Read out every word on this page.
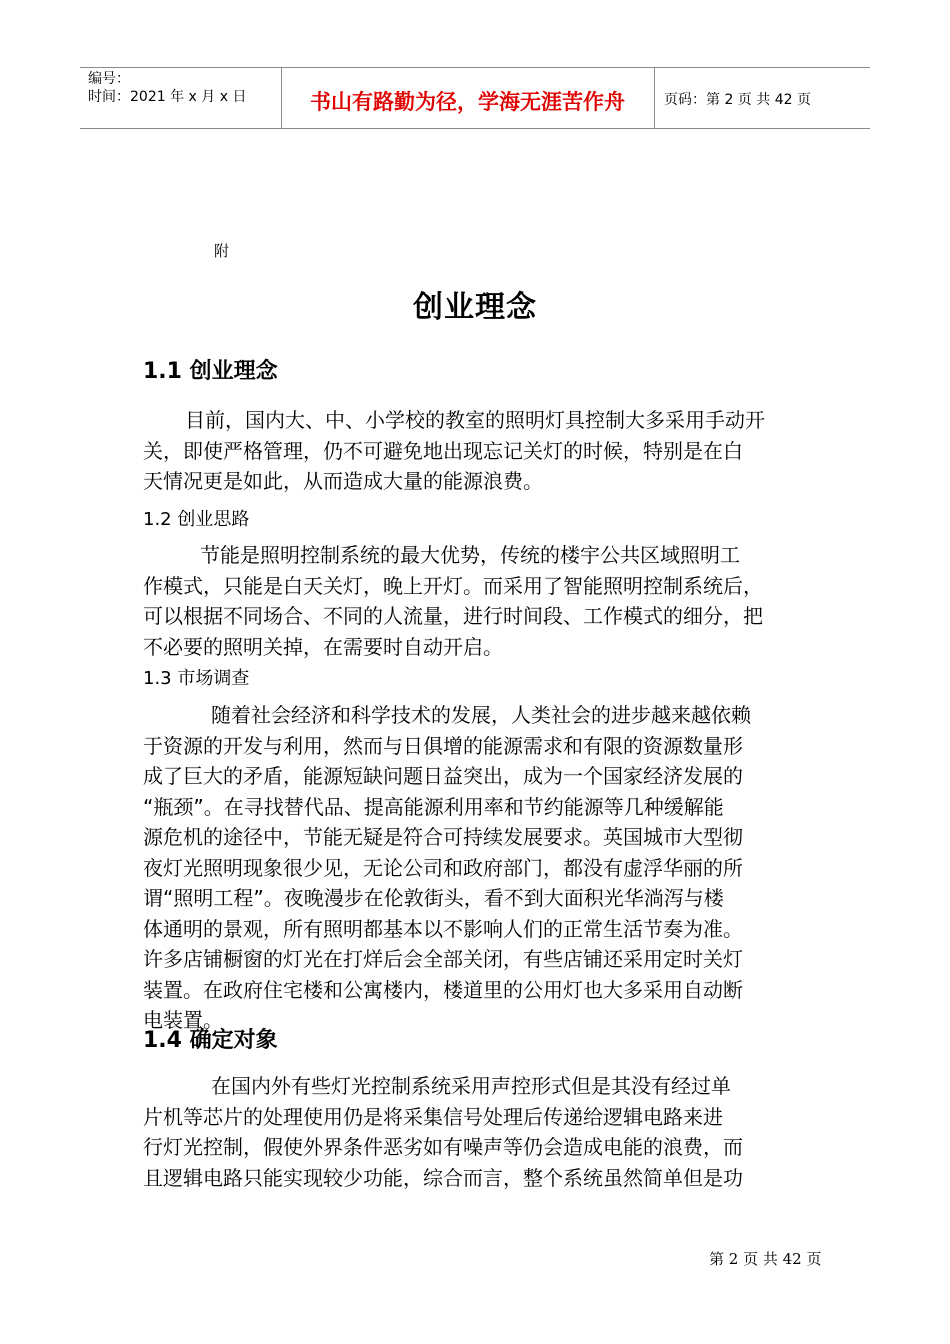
编号：
时间：2021 年 x 月 x 日	书山有路勤为径，学海无涯苦作舟	页码：第 2 页 共 42 页
附
创业理念
1.1 创业理念

目前，国内大、中、小学校的教室的照明灯具控制大多采用手动开
关，即使严格管理，仍不可避免地出现忘记关灯的时候，特别是在白
天情况更是如此，从而造成大量的能源浪费。

1.2 创业思路

节能是照明控制系统的最大优势，传统的楼宇公共区域照明工
作模式，只能是白天关灯，晚上开灯。而采用了智能照明控制系统后，
可以根据不同场合、不同的人流量，进行时间段、工作模式的细分，把
不必要的照明关掉，在需要时自动开启。

1.3 市场调查

随着社会经济和科学技术的发展，人类社会的进步越来越依赖
于资源的开发与利用，然而与日俱增的能源需求和有限的资源数量形
成了巨大的矛盾，能源短缺问题日益突出，成为一个国家经济发展的
“瓶颈”。在寻找替代品、提高能源利用率和节约能源等几种缓解能
源危机的途径中，节能无疑是符合可持续发展要求。英国城市大型彻
夜灯光照明现象很少见，无论公司和政府部门，都没有虚浮华丽的所
谓“照明工程”。夜晚漫步在伦敦街头，看不到大面积光华淌泻与楼
体通明的景观，所有照明都基本以不影响人们的正常生活节奏为准。
许多店铺橱窗的灯光在打烊后会全部关闭，有些店铺还采用定时关灯
装置。在政府住宅楼和公寓楼内，楼道里的公用灯也大多采用自动断
电装置。

1.4 确定对象

在国内外有些灯光控制系统采用声控形式但是其没有经过单
片机等芯片的处理使用仍是将采集信号处理后传递给逻辑电路来进
行灯光控制，假使外界条件恶劣如有噪声等仍会造成电能的浪费，而
且逻辑电路只能实现较少功能，综合而言，整个系统虽然简单但是功

第 2 页 共 42 页
